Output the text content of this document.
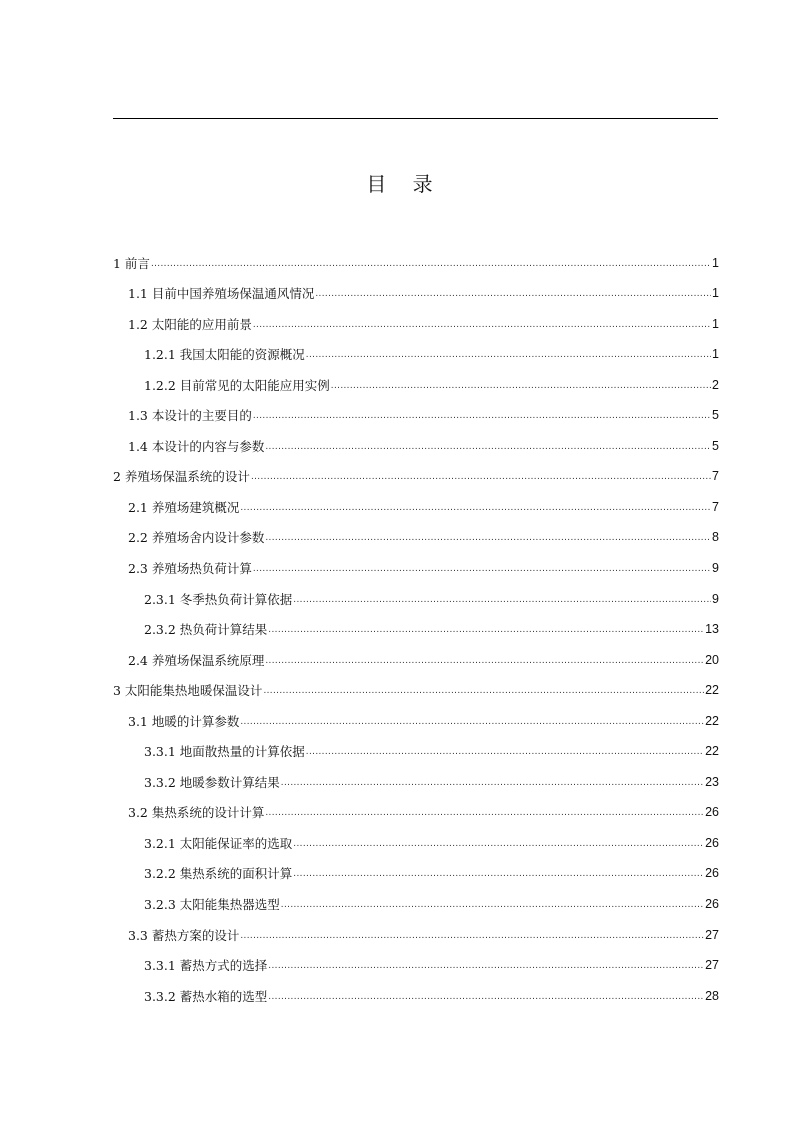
目 录
1 前言 .....	1
1.1 目前中国养殖场保温通风情况 .....	1
1.2 太阳能的应用前景 .....	1
1.2.1 我国太阳能的资源概况 .....	1
1.2.2 目前常见的太阳能应用实例 .....	2
1.3 本设计的主要目的 .....	5
1.4 本设计的内容与参数 .....	5
2 养殖场保温系统的设计 .....	7
2.1 养殖场建筑概况 .....	7
2.2 养殖场舍内设计参数 .....	8
2.3 养殖场热负荷计算 .....	9
2.3.1 冬季热负荷计算依据 .....	9
2.3.2 热负荷计算结果 .....	13
2.4 养殖场保温系统原理 .....	20
3 太阳能集热地暖保温设计 .....	22
3.1 地暖的计算参数 .....	22
3.3.1 地面散热量的计算依据 .....	22
3.3.2 地暖参数计算结果 .....	23
3.2 集热系统的设计计算 .....	26
3.2.1 太阳能保证率的选取 .....	26
3.2.2 集热系统的面积计算 .....	26
3.2.3 太阳能集热器选型 .....	26
3.3 蓄热方案的设计 .....	27
3.3.1 蓄热方式的选择 .....	27
3.3.2 蓄热水箱的选型 .....	28
